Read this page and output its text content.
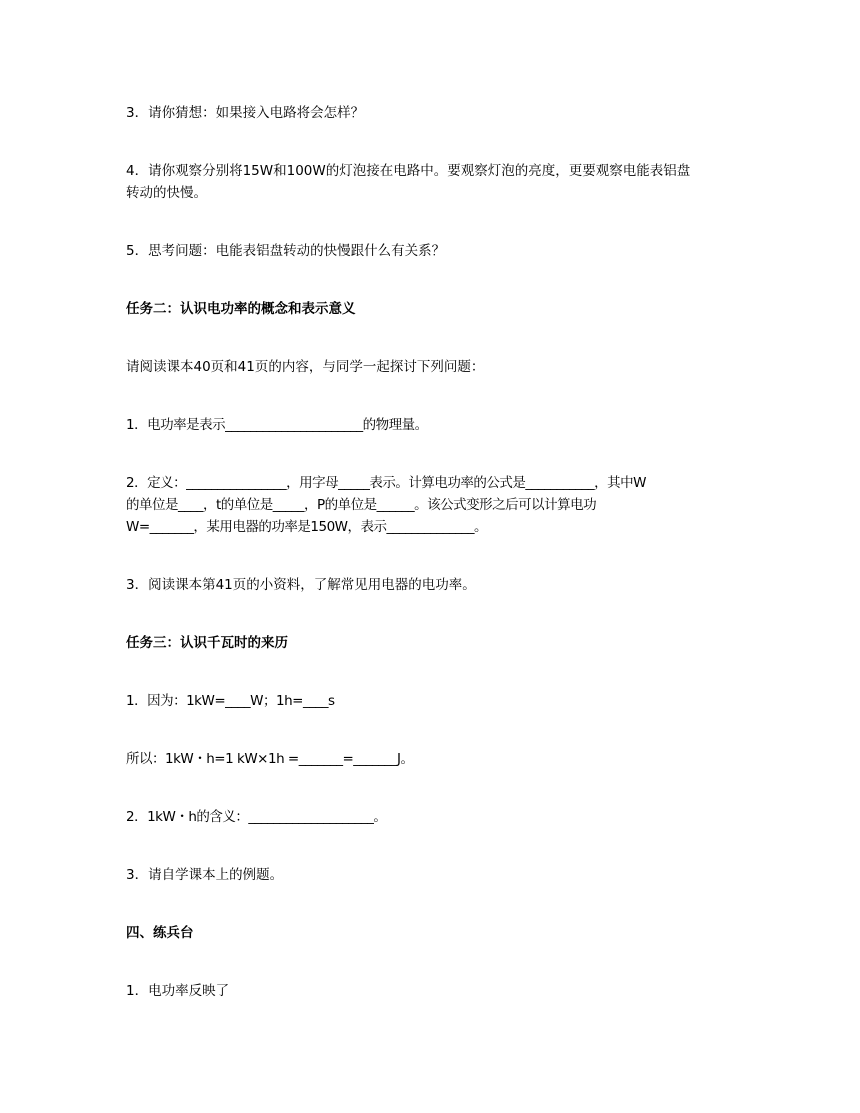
3．请你猜想：如果接入电路将会怎样？
4．请你观察分别将15W和100W的灯泡接在电路中。要观察灯泡的亮度，更要观察电能表铝盘
转动的快慢。
5．思考问题：电能表铝盘转动的快慢跟什么有关系？
任务二：认识电功率的概念和表示意义
请阅读课本40页和41页的内容，与同学一起探讨下列问题：
1．电功率是表示______________________的物理量。
2．定义：________________，用字母_____表示。计算电功率的公式是___________，其中W
的单位是____，t的单位是_____，P的单位是______。该公式变形之后可以计算电功
W=_______，某用电器的功率是150W，表示______________。
3．阅读课本第41页的小资料，了解常见用电器的电功率。
任务三：认识千瓦时的来历
1．因为：1kW=____W；1h=____s
所以：1kW・h=1 kW×1h =_______=_______J。
2．1kW・h的含义：____________________。
3．请自学课本上的例题。
四、练兵台
1．电功率反映了
